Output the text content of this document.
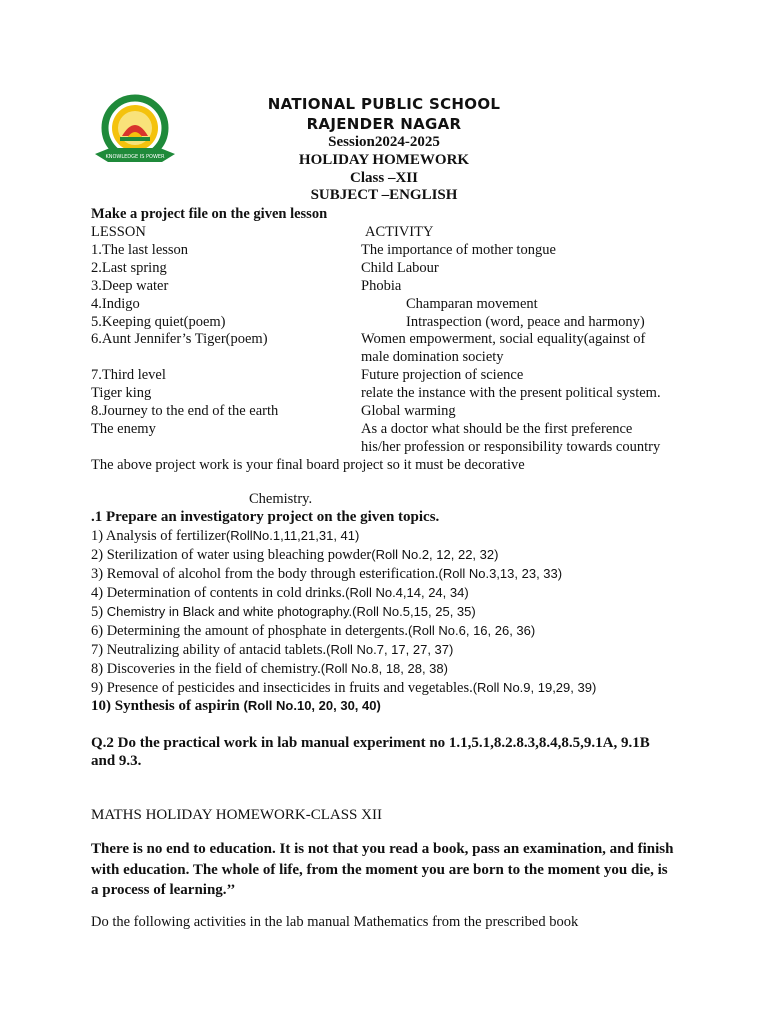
KNOWLEDGE IS POWER
NATIONAL PUBLIC SCHOOL
RAJENDER NAGAR
Session2024-2025
HOLIDAY HOMEWORK
Class –XII
SUBJECT –ENGLISH
Make a project file on the given lesson
LESSON	ACTIVITY
1.The last lesson	The importance of mother tongue
2.Last spring	Child Labour
3.Deep water	Phobia
4.Indigo	Champaran movement
5.Keeping quiet(poem)	Intraspection (word, peace and harmony)
6.Aunt Jennifer’s Tiger(poem)	Women empowerment, social equality(against of
male domination society
7.Third level	Future projection of science
Tiger king	relate the instance with the present political system.
8.Journey to the end of the earth	Global warming
The enemy	As a doctor what should be the first preference
his/her profession or responsibility towards country
The above project work is your final board project so it must be decorative
Chemistry.
.1 Prepare an investigatory project on the given topics.
1) Analysis of fertilizer(RollNo.1,11,21,31, 41)
2) Sterilization of water using bleaching powder(Roll No.2, 12, 22, 32)
3) Removal of alcohol from the body through esterification.(Roll No.3,13, 23, 33)
4) Determination of contents in cold drinks.(Roll No.4,14, 24, 34)
5) Chemistry in Black and white photography.(Roll No.5,15, 25, 35)
6) Determining the amount of phosphate in detergents.(Roll No.6, 16, 26, 36)
7) Neutralizing ability of antacid tablets.(Roll No.7, 17, 27, 37)
8) Discoveries in the field of chemistry.(Roll No.8, 18, 28, 38)
9) Presence of pesticides and insecticides in fruits and vegetables.(Roll No.9, 19,29, 39)
10) Synthesis of aspirin (Roll No.10, 20, 30, 40)
Q.2 Do the practical work in lab manual experiment no 1.1,5.1,8.2.8.3,8.4,8.5,9.1A, 9.1B
and 9.3.
MATHS HOLIDAY HOMEWORK-CLASS XII
There is no end to education. It is not that you read a book, pass an examination, and finish
with education. The whole of life, from the moment you are born to the moment you die, is
a process of learning.’’
Do the following activities in the lab manual Mathematics from the prescribed book
